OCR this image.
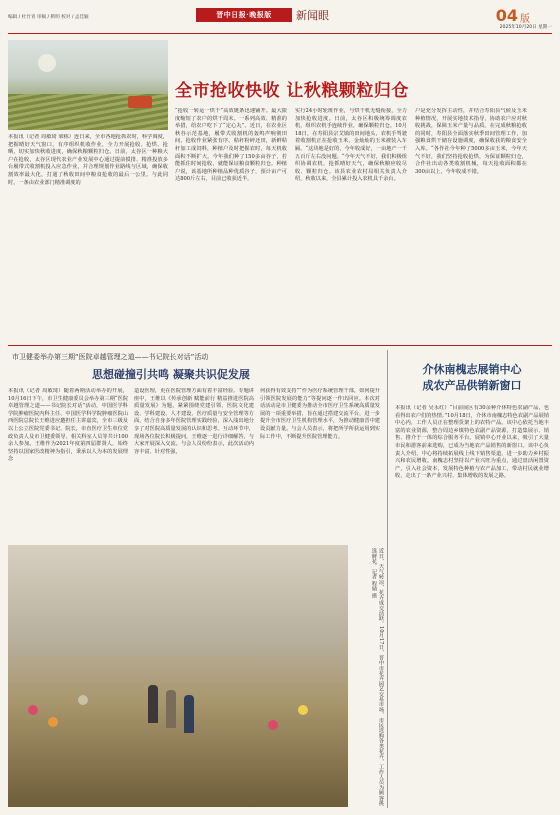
编辑 / 杜竹青 审稿 / 靳明 校对 / 孟佳颖	晋中日报·晚报版	新闻眼	04 版
2025年10月20日 星期一
全市抢收快收 让秋粮颗粒归仓
本报讯（记者 周敏琦 梁栋）连日来，全市各地抢抓农时，科学调度，把握晴好天气窗口，有序组织机收作业，全力开展抢收、抢烘、抢晒，切实加快秋收进度，确保秋粮颗粒归仓。日前，太谷区一种粮大户在抢收，太谷区现代农业产业发展中心通过提前摸排、精准投放多台履带式收割机投入应急作业，并合理规划作业路线与区域，确保收割效率最大化，打通了秋收田间中粮食抢收的最后一公里。与此同时，一条由农业部门精准调度的
“抢收一转运一烘干”高效链条迅速铺开。最大限度缩短了农户的烘干周末。一系列高效、精准的举措，给农户吃下了“定心丸”。近日，在农业区秋谷示范基地，履带式收割机的轰鸣声响彻田间，抢收作业紧张有序。秸秆粉碎还田，新鲜秸秆加工成饲料，种植户及时把握农时，每天机收面积不断扩大。今年我们种了150多亩谷子，若能抓住时间抢收，就能保证粮食颗粒归仓。种植户说，该基地所种植品种优质谷子，预计亩产可达800斤左右，目前已收获近半。
实行24小时轮班作业，与烘干机无缝衔接，全力加快抢收进度。日前，太谷区积极统筹调度农机，组织农机手连续作业，确保颗粒归仓。10月18日，在寿阳县宗艾镇的田间地头，农机手驾驶着收割机正在抢收玉米，金灿灿的玉米被装入车厢。“这块地是好的，今年收成好，一亩地产一千五百斤左右没问题。“今年天气不好，我们积极组织协调农机，抢抓晴好天气，确保秋粮应收尽收、颗粒归仓。该县农业农村局相关负责人介绍，秋收以来，全县累计投入农机具千余台。
户是充分发挥主动性，并结合寿阳县气候及玉米种植情况，开展实地技术指导，协助农户应对秋收挑战，保障玉米产量与品质。在完成秋粮抢收的同时，寿阳县全面落实秋季田间管理工作，加强粮食烘干储存设施调度，确保收获的粮食安全入库。“各作社今年种了5000多亩玉米，今年天气不好，我们坚持抢收抢烘，为保证颗粒归仓，合作社出动各类收割机械，每天抢收面积都在300亩以上，今年收成不错。
市卫健委举办第三期“医院卓越管理之道——书记院长对话”活动
思想碰撞引共鸣 凝聚共识促发展
本报讯（记者 周敏琦）随着两期活动举办的开展，10月16日下午，市卫生健康委员会举办第三期“医院卓越管理之道——书记院长对话”活动，中国医学科学院肿瘤医院内科主任、中国医学科学院肿瘤医院山西医院总院长王维进应邀担任主讲嘉宾，全市三级及以上公立医院党委书记、院长，市直医疗卫生单位党政负责人及市卫健委领导、相关科室人员等共计100余人参加。王维作为2021年度第四届群贤人，始终坚持以国家医改精神为指引，秉承以人为本的发展理念
造设医理，更在医院管理方面有着丰富经验。专题讲座中，王维以《传承创新 赋能前行 精益推进医院高质量发展》为题，紧紧围绕党建引领、医院文化建设、学科建设、人才建设、医疗质量与安全管理等方面，结合自身多年医院管理实践经验，深入浅出地分享了对医院高质量发展的认识和思考。互动环节中，现场各位院长积极提问，王维逐一进行详细解答，与大家开展深入交流。与会人员纷纷表示，此次活动内容丰富、针对性强，
何获得有效支持”“作为医疗系统管理干部，如何提升引领医院发展的能力”等提问逐一作出回应。本次对话活动是市卫健委为推动全市医疗卫生系统高质量发展的一项重要举措，旨在通过搭建交流平台，进一步提升全市医疗卫生机构管理水平，为推动健康晋中建设贡献力量。与会人员表示，将把所学所获运用到实际工作中，不断提升医院管理能力。
介休南槐志展销中心
成农产品供销新窗口
本报讯（记者 吴永红）“目前展区有30余种介休特色农副产品，也看得出农户们的热情。”10月18日，介休市南槐志特色农副产品展销中心内，工作人员正在整理货架上的农特产品。该中心依托当地丰富的农业资源，整合周边乡镇特色农副产品资源，打造集展示、销售、推介于一体的综合服务平台。展销中心开业以来，吸引了大量市民和游客前来选购，已成为当地农产品销售的新窗口。该中心负责人介绍，中心将持续拓展线上线下销售渠道，进一步助力乡村振兴和农民增收。南槐志村坚持以产业兴旺为重点，通过盘活闲置资产，引入社会资本，发展特色种植与农产品加工，带动村民就业增收，走出了一条产业兴村、集体增收的发展之路。
近日，天气转凉，花卉成交活跃。10月17日，晋中市花卉园艺交易市场，市民选购各类花卉，工作人员为顾客挑选鲜花。记者 程婧 摄
